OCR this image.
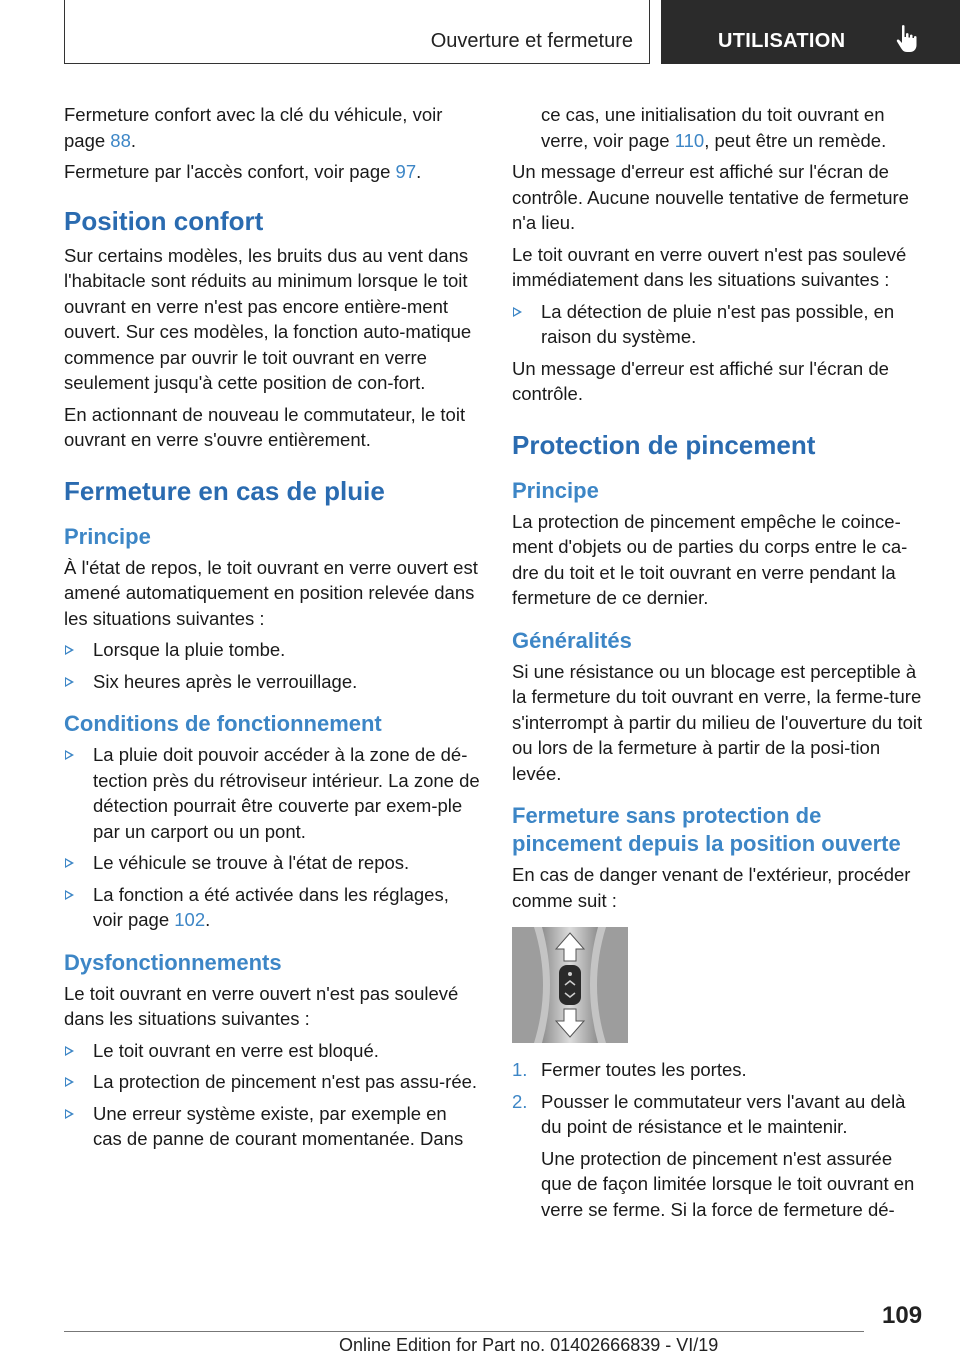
Ouverture et fermeture	UTILISATION

Fermeture confort avec la clé du véhicule, voir page 88.

Fermeture par l'accès confort, voir page 97.

Position confort

Sur certains modèles, les bruits dus au vent dans l'habitacle sont réduits au minimum lorsque le toit ouvrant en verre n'est pas encore entière-ment ouvert. Sur ces modèles, la fonction auto-matique commence par ouvrir le toit ouvrant en verre seulement jusqu'à cette position de con-fort.

En actionnant de nouveau le commutateur, le toit ouvrant en verre s'ouvre entièrement.

Fermeture en cas de pluie
Principe

À l'état de repos, le toit ouvrant en verre ouvert est amené automatiquement en position relevée dans les situations suivantes :

Lorsque la pluie tombe.
Six heures après le verrouillage.
Conditions de fonctionnement
La pluie doit pouvoir accéder à la zone de dé-tection près du rétroviseur intérieur. La zone de détection pourrait être couverte par exem-ple par un carport ou un pont.
Le véhicule se trouve à l'état de repos.
La fonction a été activée dans les réglages, voir page 102.
Dysfonctionnements

Le toit ouvrant en verre ouvert n'est pas soulevé dans les situations suivantes :

Le toit ouvrant en verre est bloqué.
La protection de pincement n'est pas assu-rée.
Une erreur système existe, par exemple en cas de panne de courant momentanée. Dans

ce cas, une initialisation du toit ouvrant en verre, voir page 110, peut être un remède.

Un message d'erreur est affiché sur l'écran de contrôle. Aucune nouvelle tentative de fermeture n'a lieu.

Le toit ouvrant en verre ouvert n'est pas soulevé immédiatement dans les situations suivantes :

La détection de pluie n'est pas possible, en raison du système.

Un message d'erreur est affiché sur l'écran de contrôle.

Protection de pincement
Principe

La protection de pincement empêche le coince-ment d'objets ou de parties du corps entre le ca-dre du toit et le toit ouvrant en verre pendant la fermeture de ce dernier.

Généralités

Si une résistance ou un blocage est perceptible à la fermeture du toit ouvrant en verre, la ferme-ture s'interrompt à partir du milieu de l'ouverture du toit ou lors de la fermeture à partir de la posi-tion levée.

Fermeture sans protection de pincement depuis la position ouverte

En cas de danger venant de l'extérieur, procéder comme suit :

1. Fermer toutes les portes.
2. Pousser le commutateur vers l'avant au delà du point de résistance et le maintenir.

Une protection de pincement n'est assurée que de façon limitée lorsque le toit ouvrant en verre se ferme. Si la force de fermeture dé-

109
Online Edition for Part no. 01402666839 - VI/19
